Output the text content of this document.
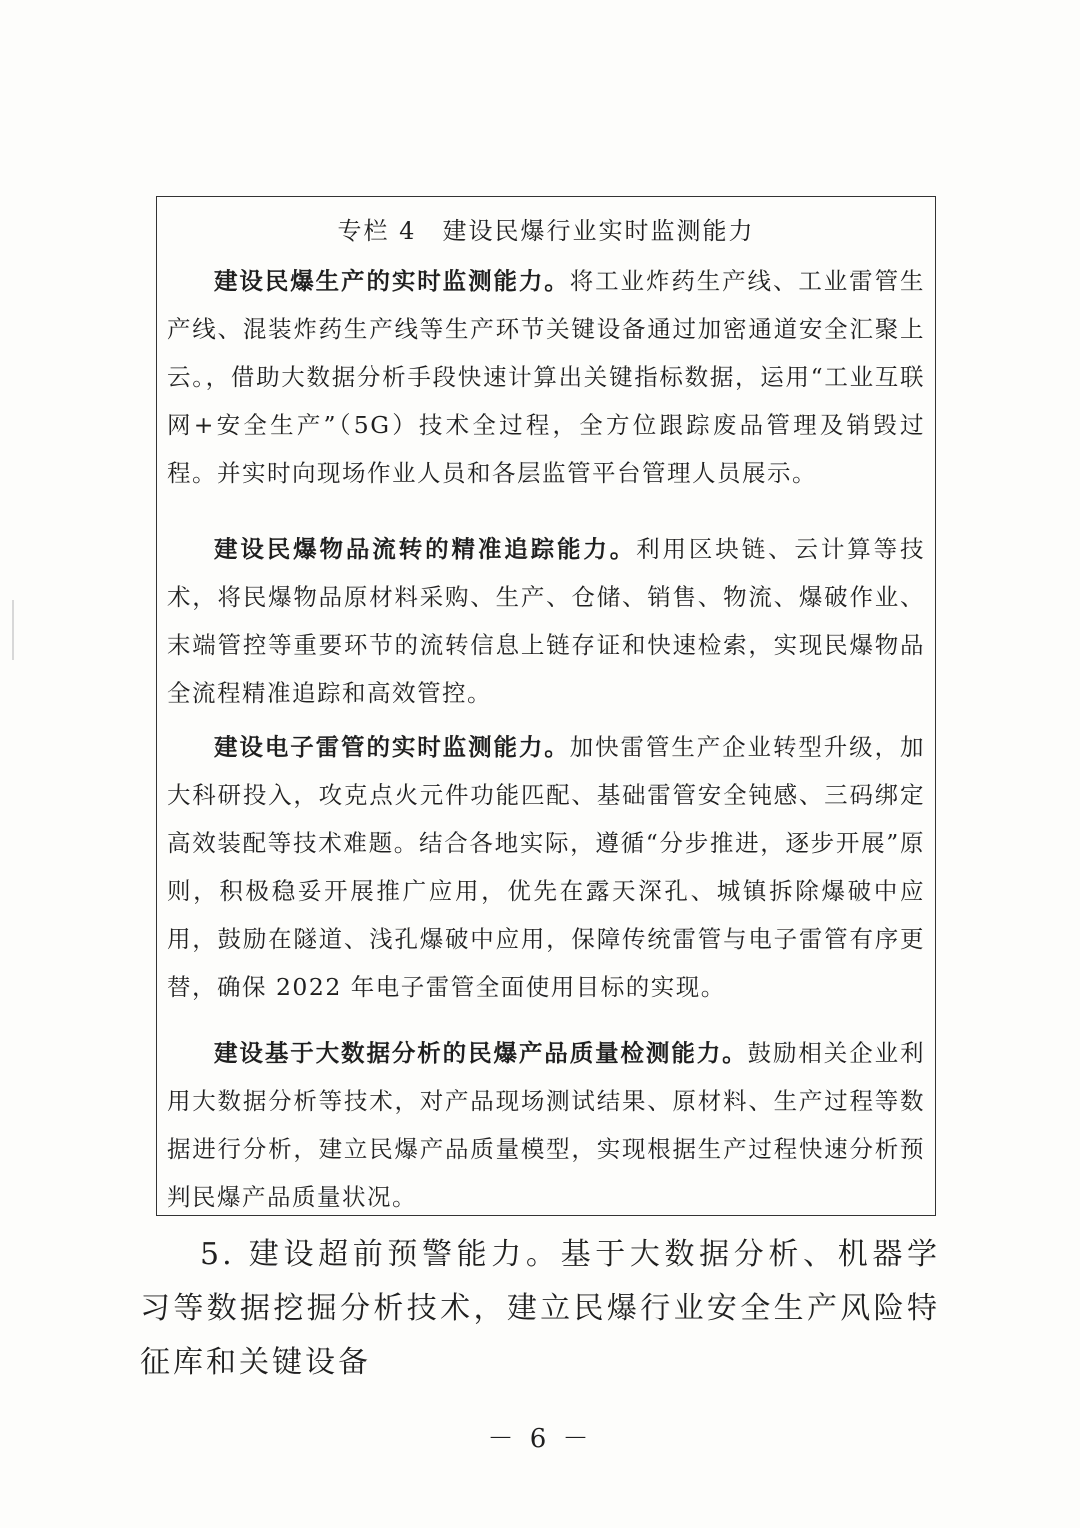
专栏 4　建设民爆行业实时监测能力

建设民爆生产的实时监测能力。将工业炸药生产线、工业雷管生产线、混装炸药生产线等生产环节关键设备通过加密通道安全汇聚上云。，借助大数据分析手段快速计算出关键指标数据，运用“工业互联网+安全生产”（5G）技术全过程，全方位跟踪废品管理及销毁过程。并实时向现场作业人员和各层监管平台管理人员展示。

建设民爆物品流转的精准追踪能力。利用区块链、云计算等技术，将民爆物品原材料采购、生产、仓储、销售、物流、爆破作业、末端管控等重要环节的流转信息上链存证和快速检索，实现民爆物品全流程精准追踪和高效管控。

建设电子雷管的实时监测能力。加快雷管生产企业转型升级，加大科研投入，攻克点火元件功能匹配、基础雷管安全钝感、三码绑定高效装配等技术难题。结合各地实际，遵循“分步推进，逐步开展”原则，积极稳妥开展推广应用，优先在露天深孔、城镇拆除爆破中应用，鼓励在隧道、浅孔爆破中应用，保障传统雷管与电子雷管有序更替，确保 2022 年电子雷管全面使用目标的实现。

建设基于大数据分析的民爆产品质量检测能力。鼓励相关企业利用大数据分析等技术，对产品现场测试结果、原材料、生产过程等数据进行分析，建立民爆产品质量模型，实现根据生产过程快速分析预判民爆产品质量状况。

5. 建设超前预警能力。基于大数据分析、机器学习等数据挖掘分析技术，建立民爆行业安全生产风险特征库和关键设备

－ 6 －
